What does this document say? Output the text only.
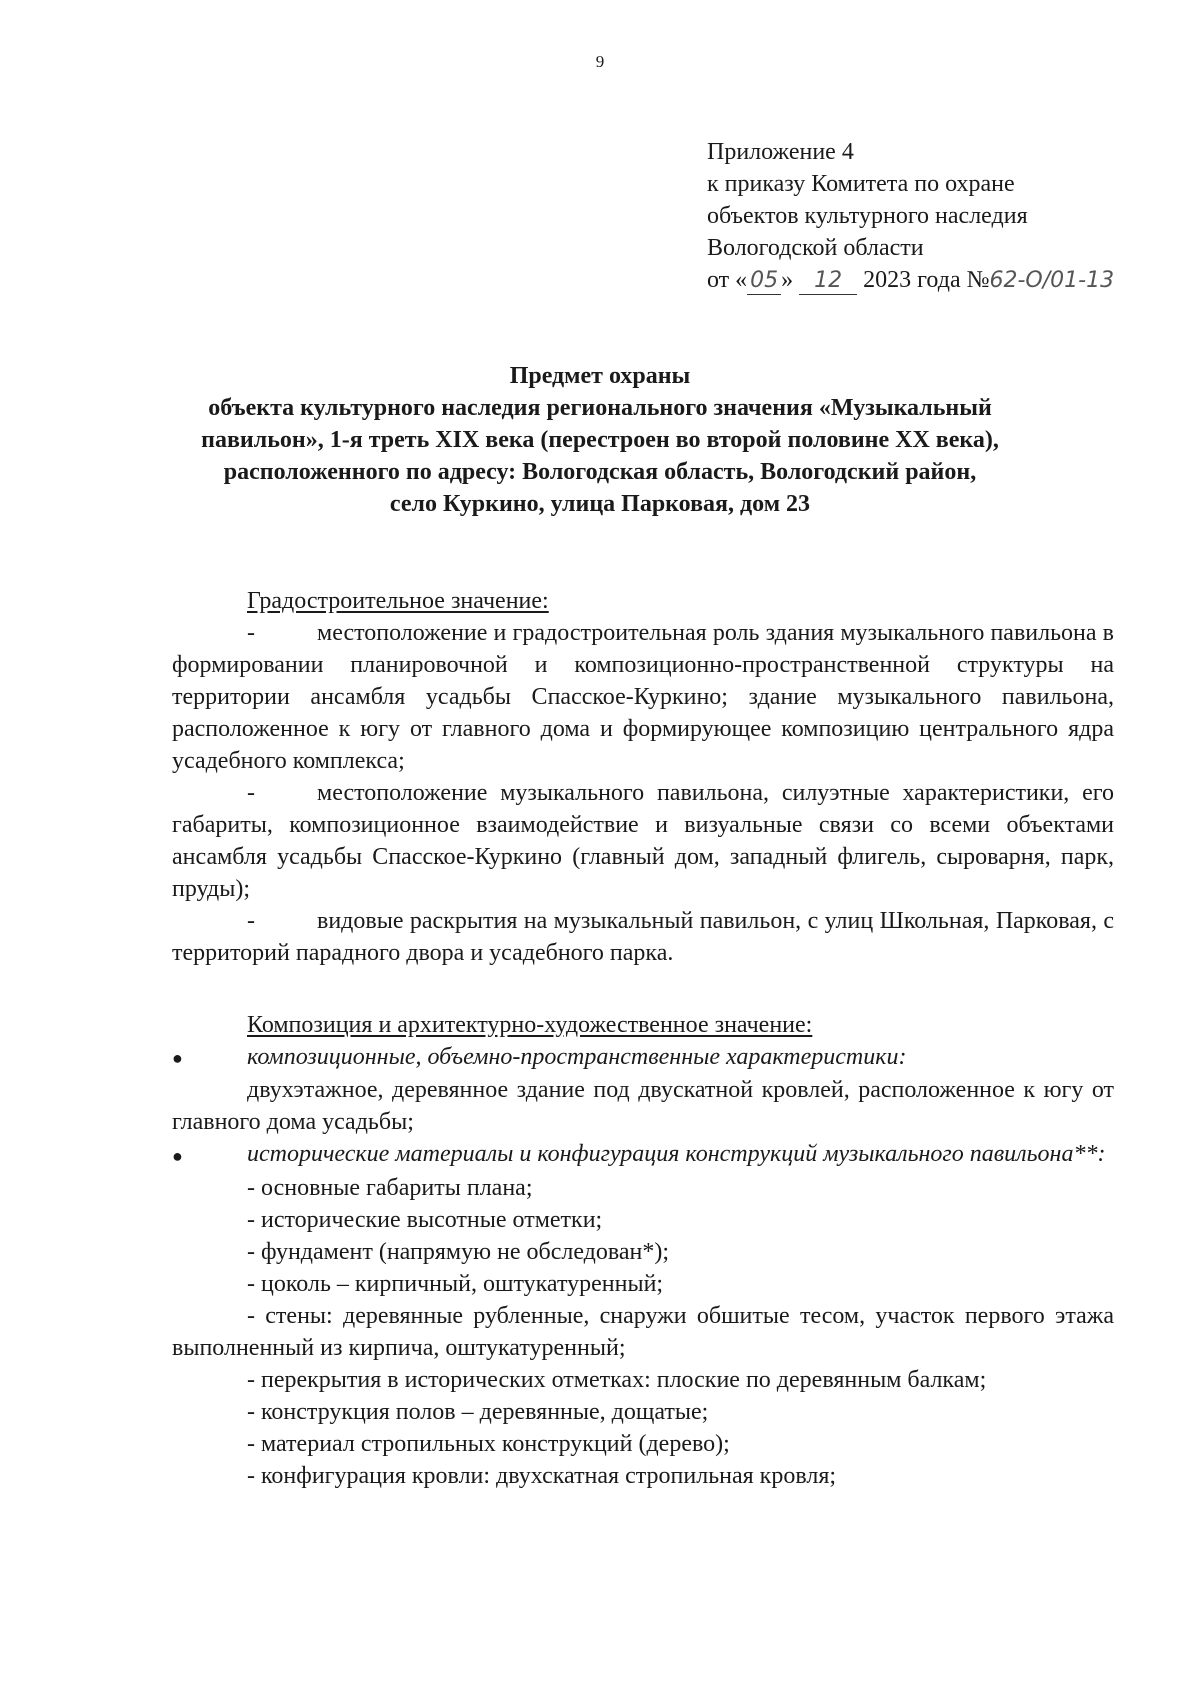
9
Приложение 4
к приказу Комитета по охране
объектов культурного наследия
Вологодской области
от « 05 » 12 2023 года №62-О/01-13
Предмет охраны
объекта культурного наследия регионального значения «Музыкальный
павильон», 1-я треть XIX века (перестроен во второй половине XX века),
расположенного по адресу: Вологодская область, Вологодский район,
село Куркино, улица Парковая, дом 23
Градостроительное значение:
-	местоположение и градостроительная роль здания музыкального павильона в формировании планировочной и композиционно-пространственной структуры на территории ансамбля усадьбы Спасское-Куркино; здание музыкального павильона, расположенное к югу от главного дома и формирующее композицию центрального ядра усадебного комплекса;
-	местоположение музыкального павильона, силуэтные характеристики, его габариты, композиционное взаимодействие и визуальные связи со всеми объектами ансамбля усадьбы Спасское-Куркино (главный дом, западный флигель, сыроварня, парк, пруды);
-	видовые раскрытия на музыкальный павильон, с улиц Школьная, Парковая, с территорий парадного двора и усадебного парка.
Композиция и архитектурно-художественное значение:
●	композиционные, объемно-пространственные характеристики:
двухэтажное, деревянное здание под двускатной кровлей, расположенное к югу от главного дома усадьбы;
●	исторические материалы и конфигурация конструкций музыкального павильона**:
- основные габариты плана;
- исторические высотные отметки;
- фундамент (напрямую не обследован*);
- цоколь – кирпичный, оштукатуренный;
- стены: деревянные рубленные, снаружи обшитые тесом, участок первого этажа выполненный из кирпича, оштукатуренный;
- перекрытия в исторических отметках: плоские по деревянным балкам;
- конструкция полов – деревянные, дощатые;
- материал стропильных конструкций (дерево);
- конфигурация кровли: двухскатная стропильная кровля;
